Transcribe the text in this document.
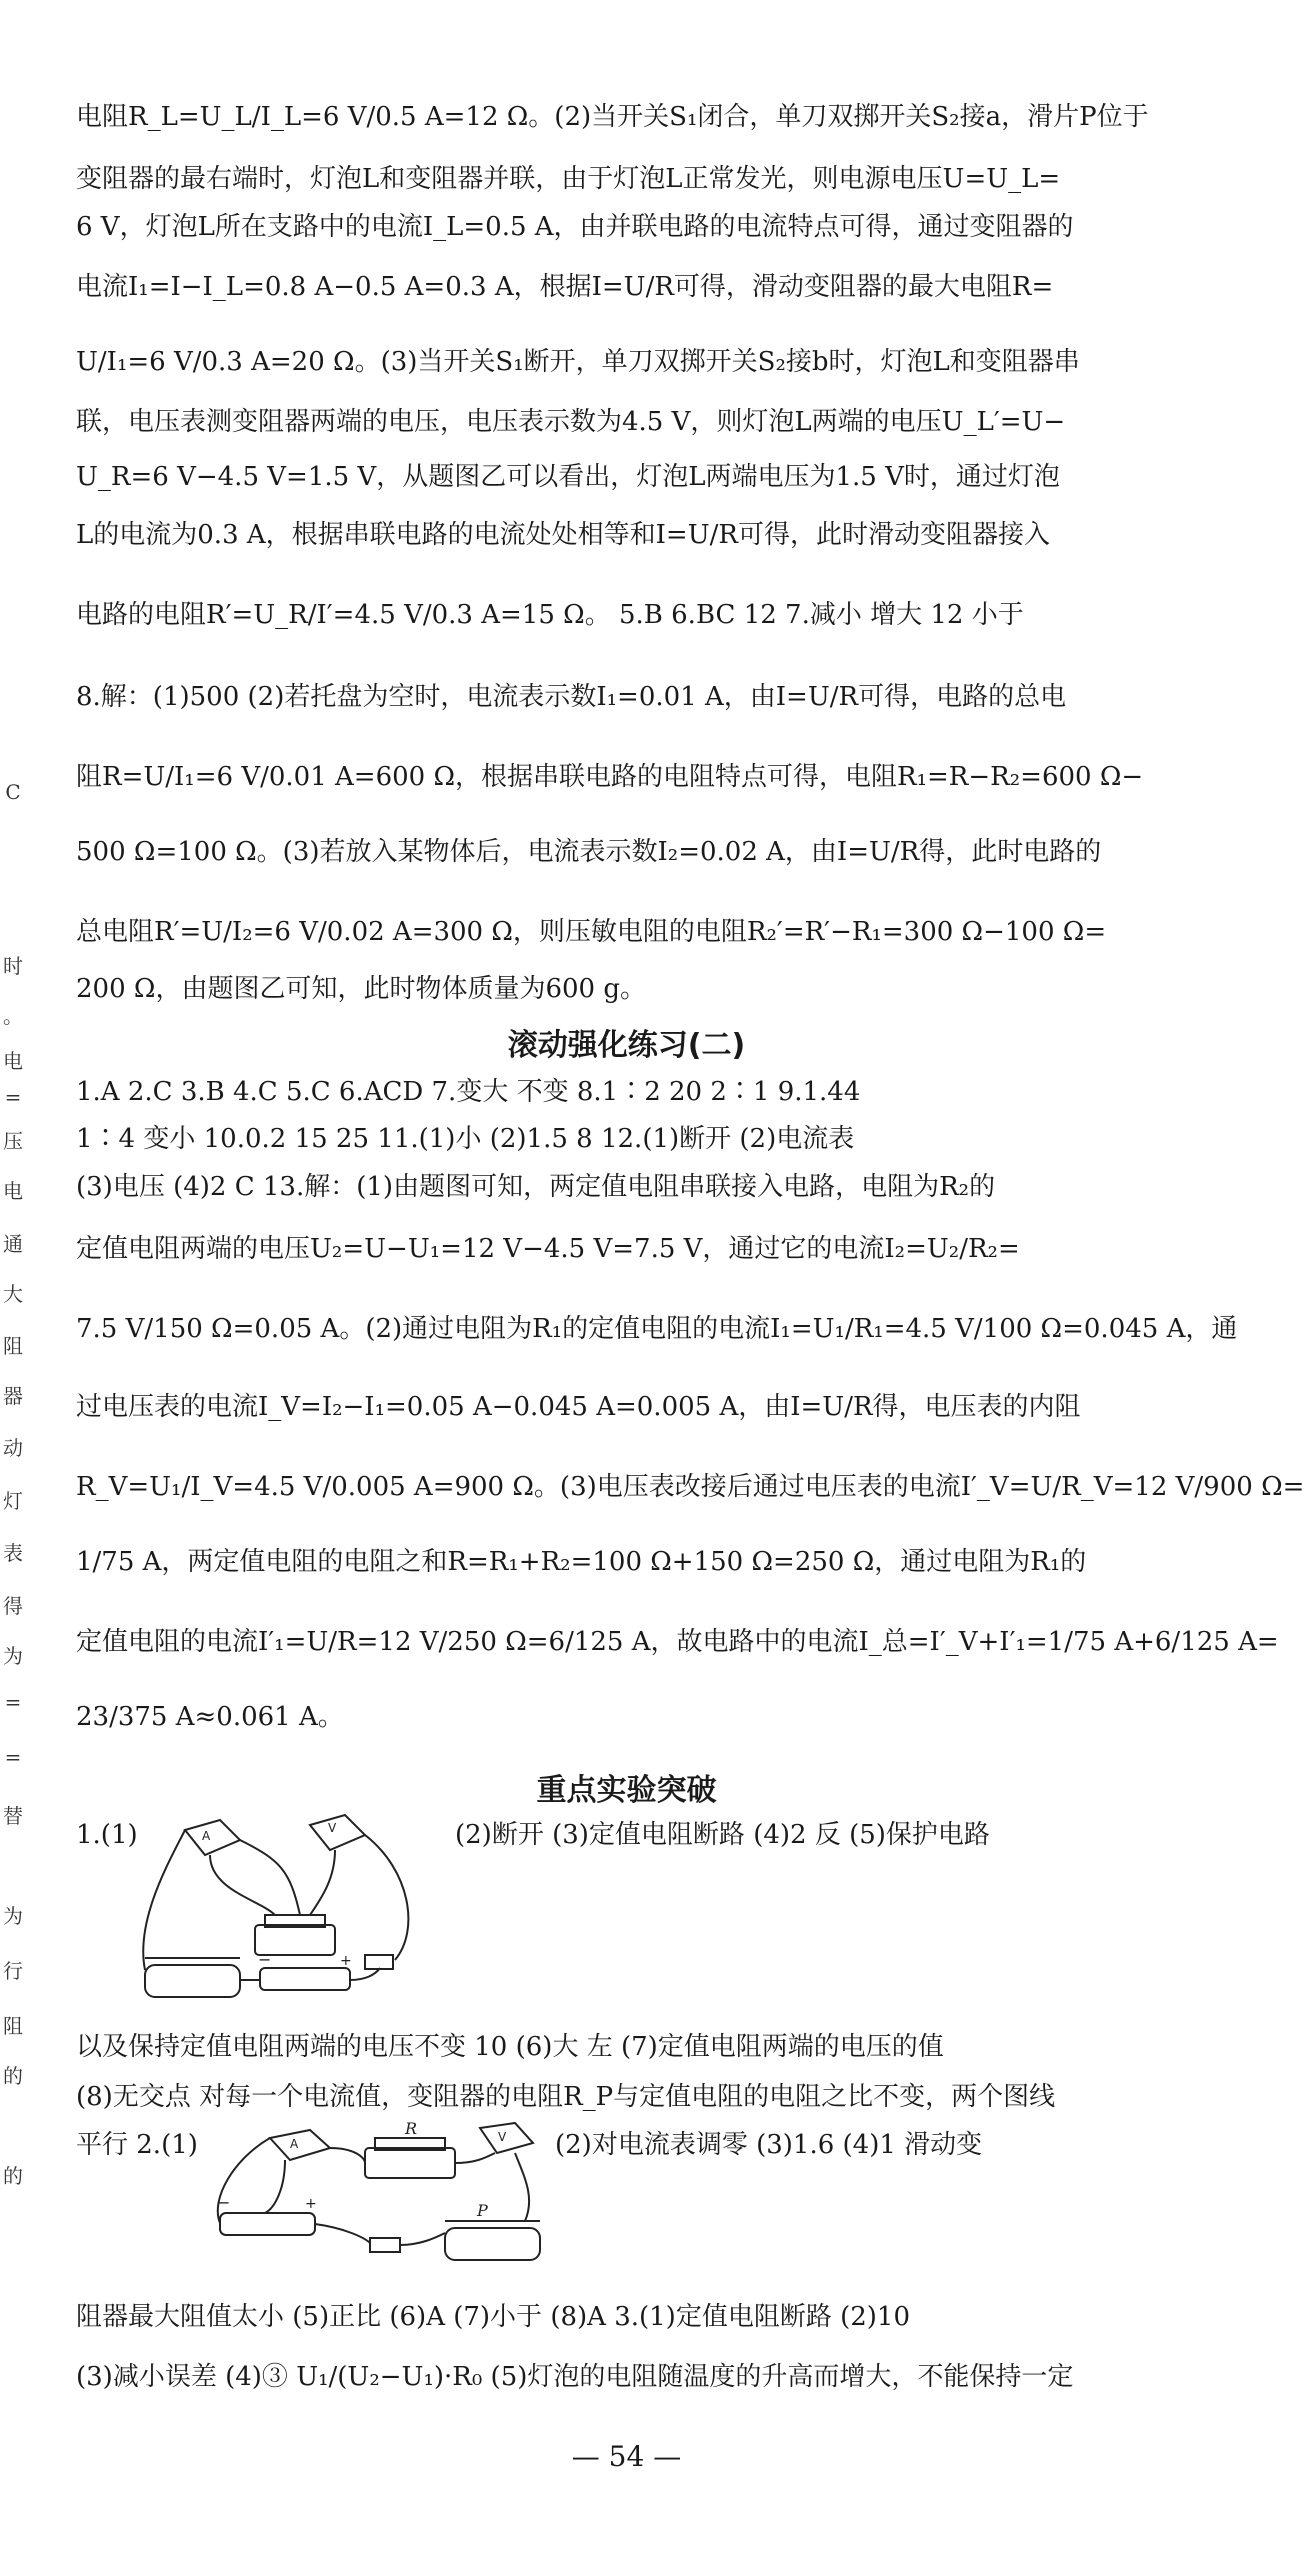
C
时
。
电
=
压
电
通
大
阻
器
动
灯
表
得
为
=
=
替
为
行
阻
的
的
电阻R_L=U_L/I_L=6 V/0.5 A=12 Ω。(2)当开关S₁闭合，单刀双掷开关S₂接a，滑片P位于
变阻器的最右端时，灯泡L和变阻器并联，由于灯泡L正常发光，则电源电压U=U_L=
6 V，灯泡L所在支路中的电流I_L=0.5 A，由并联电路的电流特点可得，通过变阻器的
电流I₁=I−I_L=0.8 A−0.5 A=0.3 A，根据I=U/R可得，滑动变阻器的最大电阻R=
U/I₁=6 V/0.3 A=20 Ω。(3)当开关S₁断开，单刀双掷开关S₂接b时，灯泡L和变阻器串
联，电压表测变阻器两端的电压，电压表示数为4.5 V，则灯泡L两端的电压U_L′=U−
U_R=6 V−4.5 V=1.5 V，从题图乙可以看出，灯泡L两端电压为1.5 V时，通过灯泡
L的电流为0.3 A，根据串联电路的电流处处相等和I=U/R可得，此时滑动变阻器接入
电路的电阻R′=U_R/I′=4.5 V/0.3 A=15 Ω。 5.B 6.BC 12 7.减小 增大 12 小于
8.解：(1)500 (2)若托盘为空时，电流表示数I₁=0.01 A，由I=U/R可得，电路的总电
阻R=U/I₁=6 V/0.01 A=600 Ω，根据串联电路的电阻特点可得，电阻R₁=R−R₂=600 Ω−
500 Ω=100 Ω。(3)若放入某物体后，电流表示数I₂=0.02 A，由I=U/R得，此时电路的
总电阻R′=U/I₂=6 V/0.02 A=300 Ω，则压敏电阻的电阻R₂′=R′−R₁=300 Ω−100 Ω=
200 Ω，由题图乙可知，此时物体质量为600 g。
滚动强化练习(二)
1.A 2.C 3.B 4.C 5.C 6.ACD 7.变大 不变 8.1∶2 20 2∶1 9.1.44
1∶4 变小 10.0.2 15 25 11.(1)小 (2)1.5 8 12.(1)断开 (2)电流表
(3)电压 (4)2 C 13.解：(1)由题图可知，两定值电阻串联接入电路，电阻为R₂的
定值电阻两端的电压U₂=U−U₁=12 V−4.5 V=7.5 V，通过它的电流I₂=U₂/R₂=
7.5 V/150 Ω=0.05 A。(2)通过电阻为R₁的定值电阻的电流I₁=U₁/R₁=4.5 V/100 Ω=0.045 A，通
过电压表的电流I_V=I₂−I₁=0.05 A−0.045 A=0.005 A，由I=U/R得，电压表的内阻
R_V=U₁/I_V=4.5 V/0.005 A=900 Ω。(3)电压表改接后通过电压表的电流I′_V=U/R_V=12 V/900 Ω=
1/75 A，两定值电阻的电阻之和R=R₁+R₂=100 Ω+150 Ω=250 Ω，通过电阻为R₁的
定值电阻的电流I′₁=U/R=12 V/250 Ω=6/125 A，故电路中的电流I_总=I′_V+I′₁=1/75 A+6/125 A=
23/375 A≈0.061 A。
重点实验突破
1.(1)	A
V
−	+
(2)断开 (3)定值电阻断路 (4)2 反 (5)保护电路
以及保持定值电阻两端的电压不变 10 (6)大 左 (7)定值电阻两端的电压的值
(8)无交点 对每一个电流值，变阻器的电阻R_P与定值电阻的电阻之比不变，两个图线
平行 2.(1)	A	V
R
P
−	+
(2)对电流表调零 (3)1.6 (4)1 滑动变
阻器最大阻值太小 (5)正比 (6)A (7)小于 (8)A 3.(1)定值电阻断路 (2)10
(3)减小误差 (4)③ U₁/(U₂−U₁)·R₀ (5)灯泡的电阻随温度的升高而增大，不能保持一定
— 54 —
